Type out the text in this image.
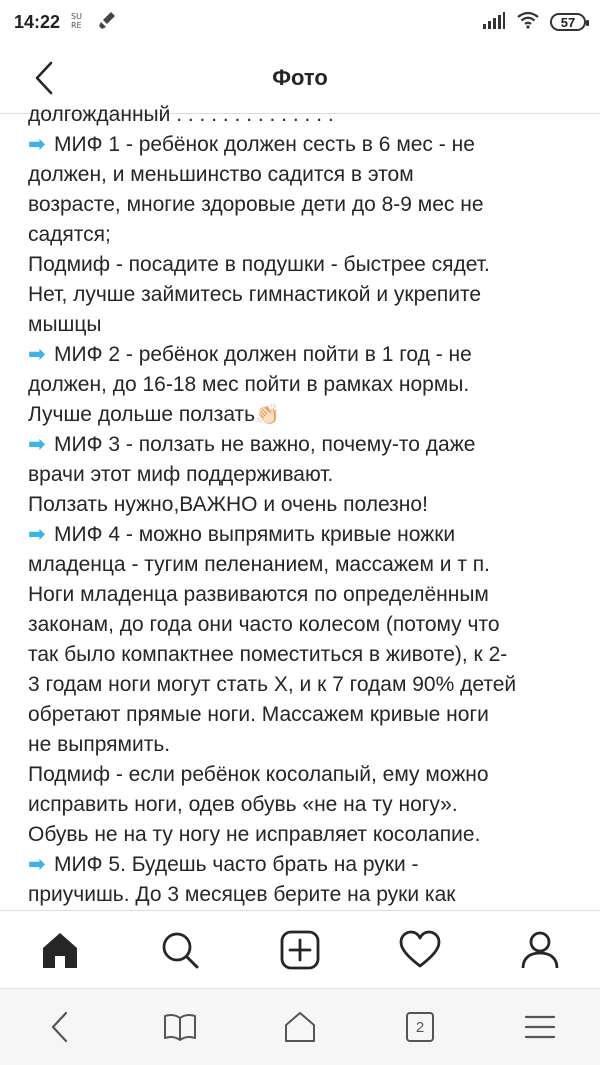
14:22 SU
RE	57
Фото
долгожданный . . . . . . . . . . . . . .
➡ МИФ 1 - ребёнок должен сесть в 6 мес - не
должен, и меньшинство садится в этом
возрасте, многие здоровые дети до 8-9 мес не
садятся;
Подмиф - посадите в подушки - быстрее сядет.
Нет, лучше займитесь гимнастикой и укрепите
мышцы
➡ МИФ 2 - ребёнок должен пойти в 1 год - не
должен, до 16-18 мес пойти в рамках нормы.
Лучше дольше ползать👏🏻
➡ МИФ 3 - ползать не важно, почему-то даже
врачи этот миф поддерживают.
Ползать нужно,ВАЖНО и очень полезно!
➡ МИФ 4 - можно выпрямить кривые ножки
младенца - тугим пеленанием, массажем и т п.
Ноги младенца развиваются по определённым
законам, до года они часто колесом (потому что
так было компактнее поместиться в животе), к 2-
3 годам ноги могут стать Х, и к 7 годам 90% детей
обретают прямые ноги. Массажем кривые ноги
не выпрямить.
Подмиф - если ребёнок косолапый, ему можно
исправить ноги, одев обувь «не на ту ногу».
Обувь не на ту ногу не исправляет косолапие.
➡ МИФ 5. Будешь часто брать на руки -
приучишь. До 3 месяцев берите на руки как
2
